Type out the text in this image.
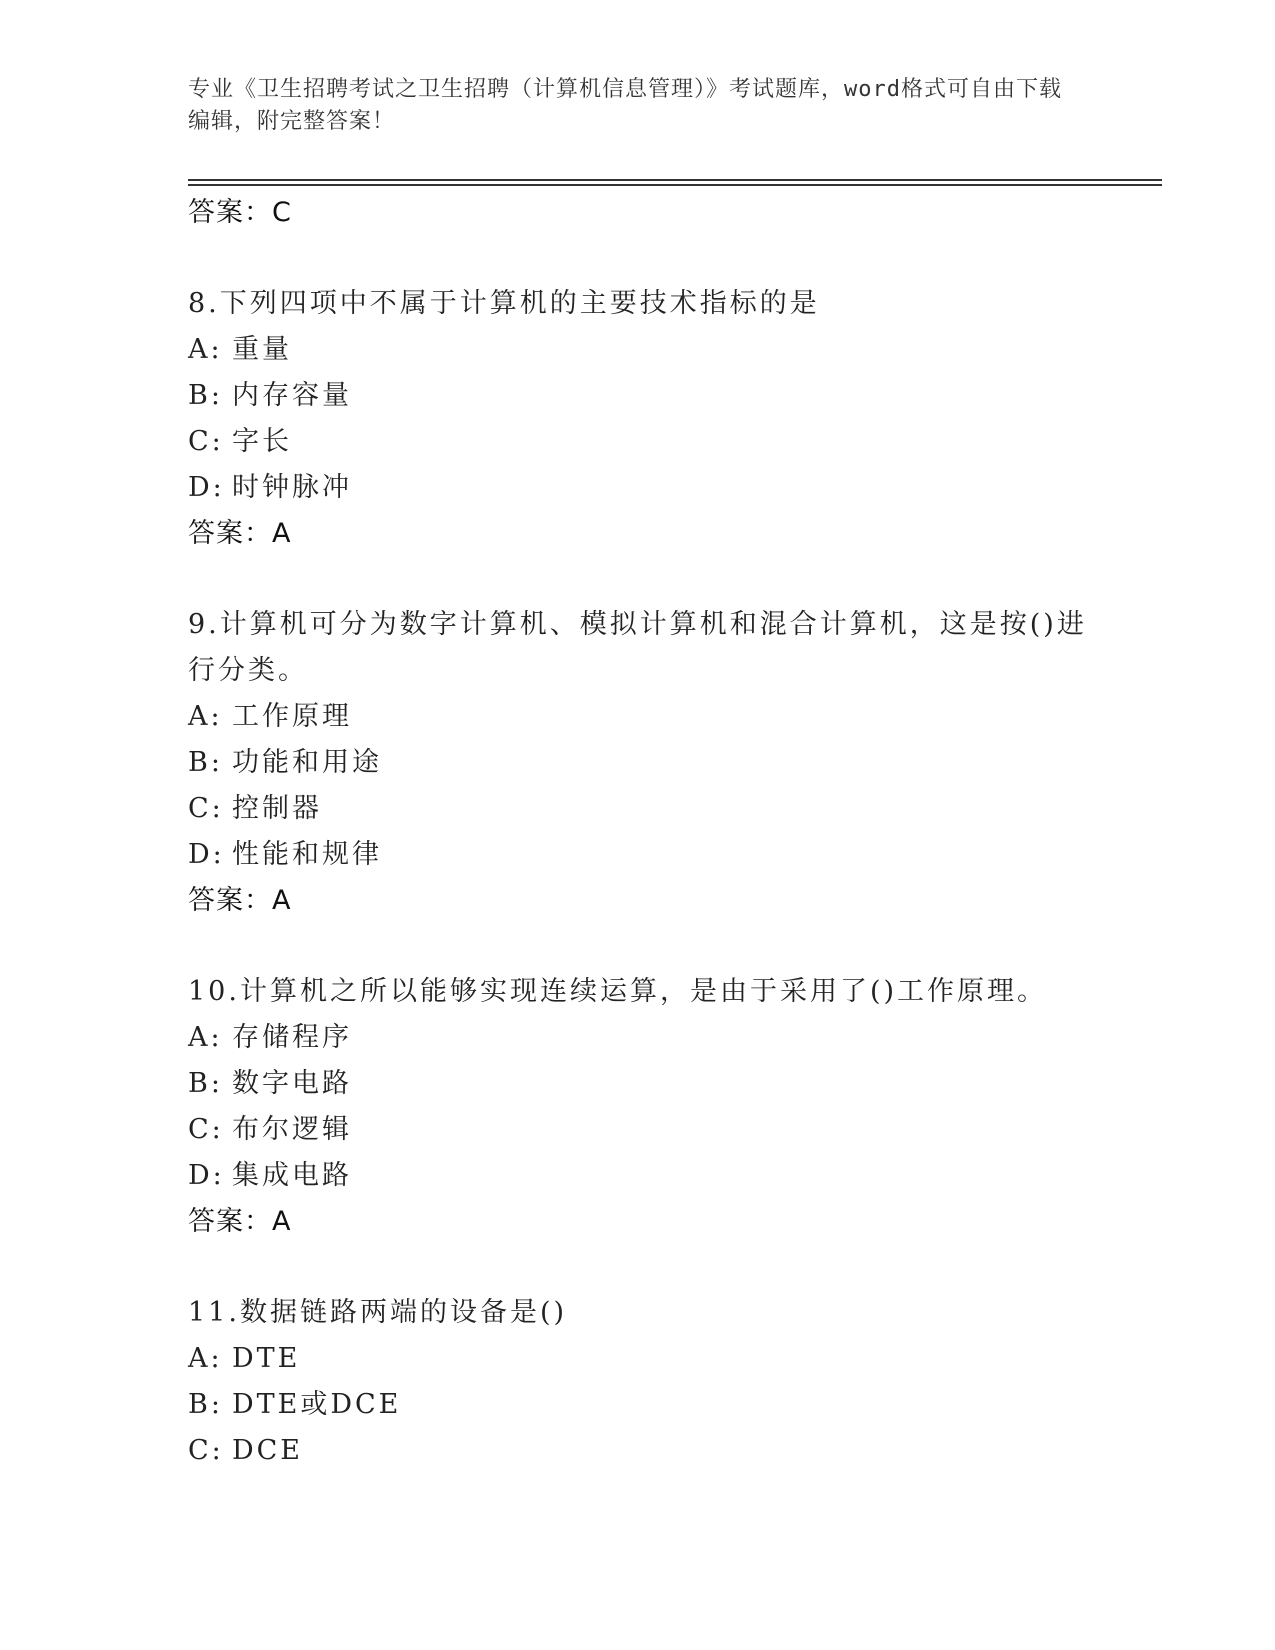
专业《卫生招聘考试之卫生招聘（计算机信息管理）》考试题库，word格式可自由下载编辑，附完整答案！
答案：C
8.下列四项中不属于计算机的主要技术指标的是
A: 重量
B: 内存容量
C: 字长
D: 时钟脉冲
答案：A
9.计算机可分为数字计算机、模拟计算机和混合计算机，这是按()进行分类。
A: 工作原理
B: 功能和用途
C: 控制器
D: 性能和规律
答案：A
10.计算机之所以能够实现连续运算，是由于采用了()工作原理。
A: 存储程序
B: 数字电路
C: 布尔逻辑
D: 集成电路
答案：A
11.数据链路两端的设备是()
A: DTE
B: DTE或DCE
C: DCE
